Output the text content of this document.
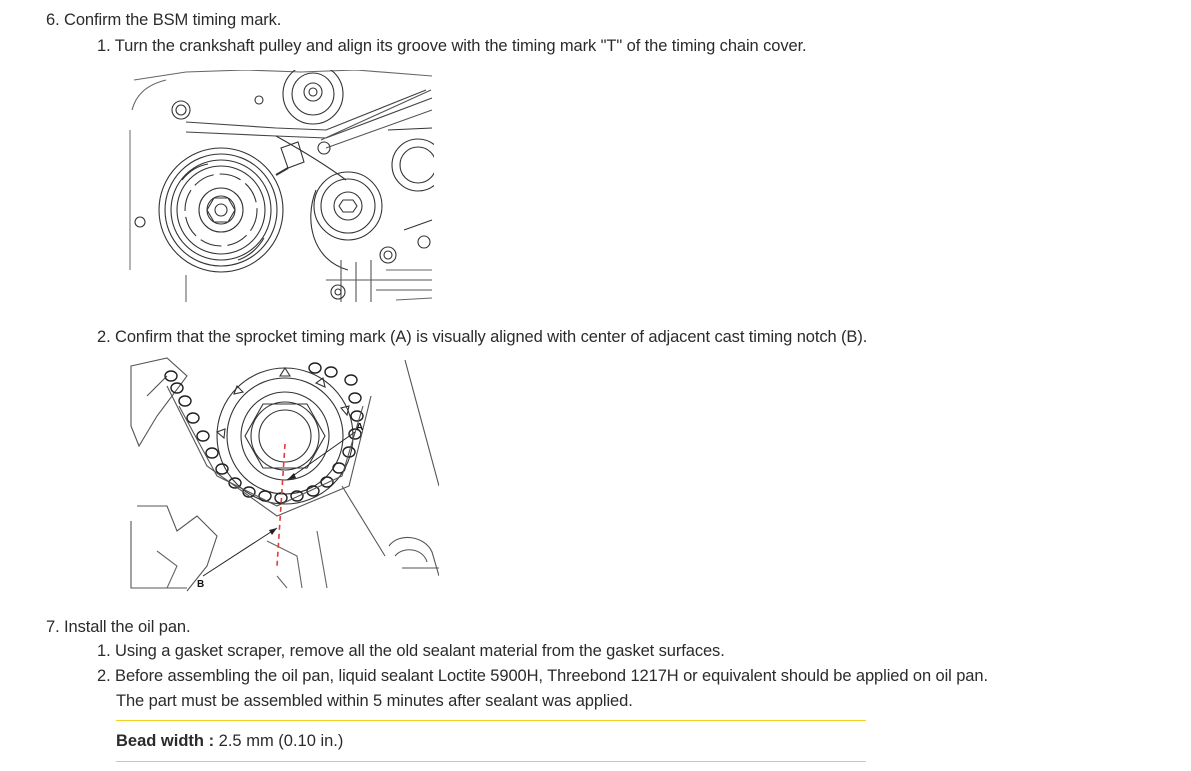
6. Confirm the BSM timing mark.
1. Turn the crankshaft pulley and align its groove with the timing mark "T" of the timing chain cover.
2. Confirm that the sprocket timing mark (A) is visually aligned with center of adjacent cast timing notch (B).
A
B
7. Install the oil pan.
1. Using a gasket scraper, remove all the old sealant material from the gasket surfaces.
2. Before assembling the oil pan, liquid sealant Loctite 5900H, Threebond 1217H or equivalent should be applied on oil pan.
The part must be assembled within 5 minutes after sealant was applied.
Bead width : 2.5 mm (0.10 in.)
